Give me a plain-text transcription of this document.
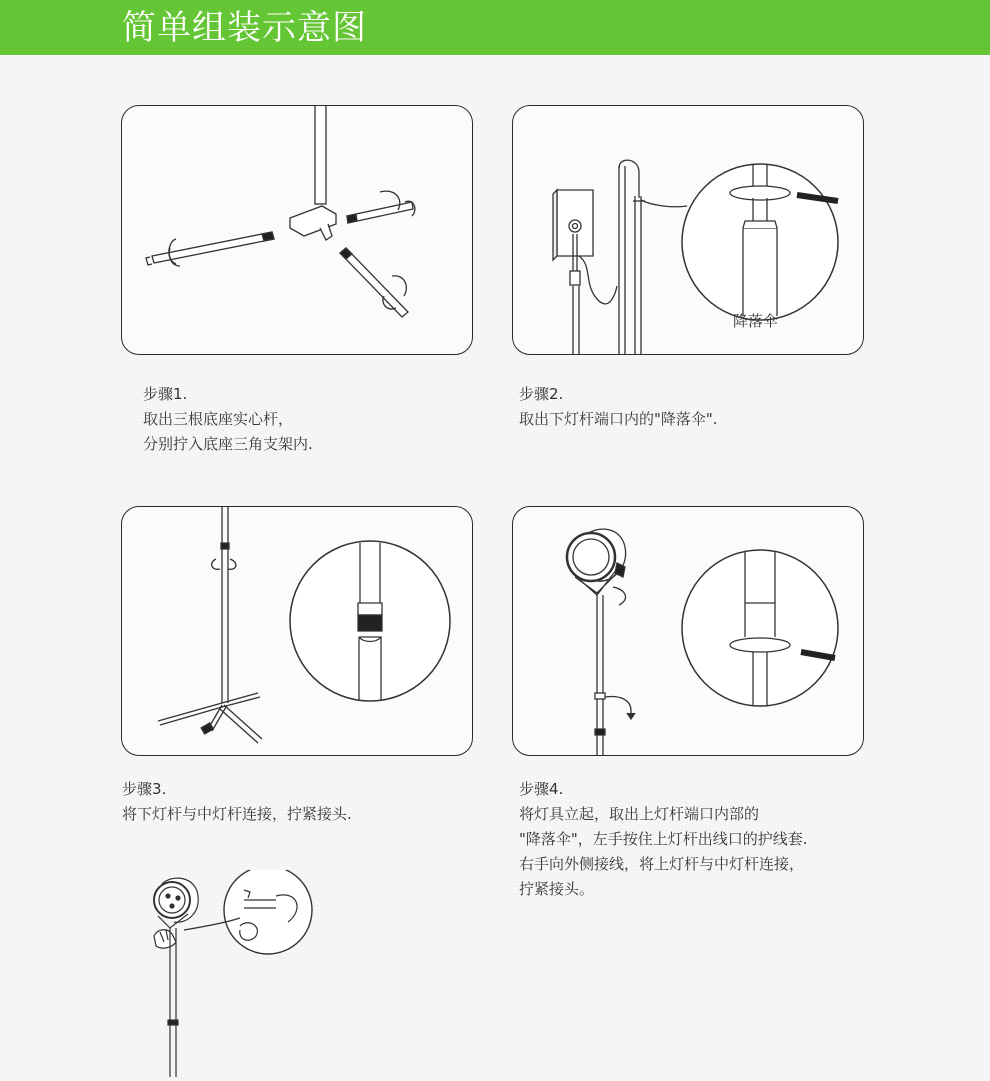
简单组装示意图
降落伞
步骤1.
取出三根底座实心杆，
分别拧入底座三角支架内.
步骤2.
取出下灯杆端口内的"降落伞".
步骤3.
将下灯杆与中灯杆连接，拧紧接头.
步骤4.
将灯具立起，取出上灯杆端口内部的
"降落伞"，左手按住上灯杆出线口的护线套.
右手向外侧接线，将上灯杆与中灯杆连接，
拧紧接头。
